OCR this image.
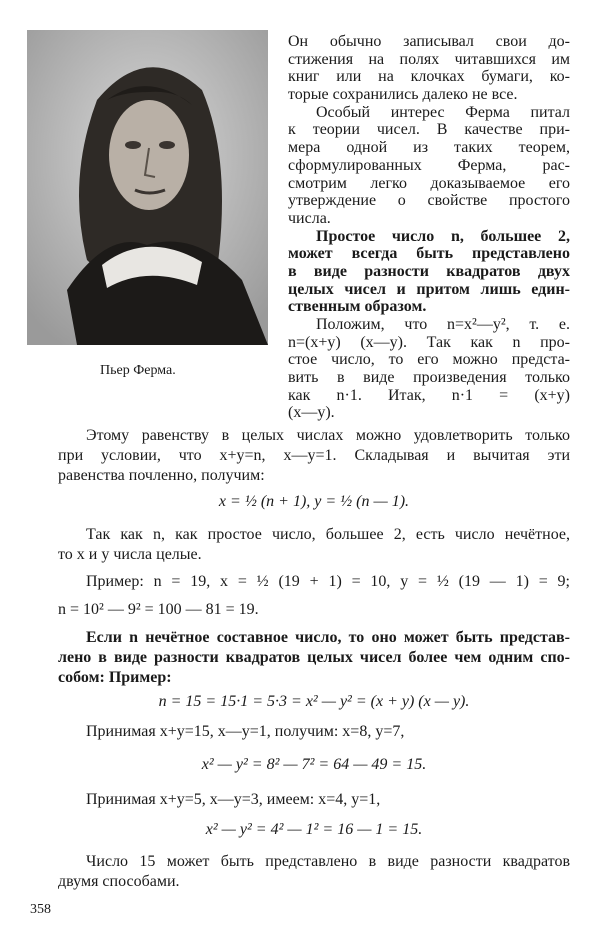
Пьер Ферма.
Он обычно записывал свои до-
стижения на полях читавшихся им
книг или на клочках бумаги, ко-
торые сохранились далеко не все.
Особый интерес Ферма питал
к теории чисел. В качестве при-
мера одной из таких теорем,
сформулированных Ферма, рас-
смотрим легко доказываемое его
утверждение о свойстве простого
числа.
Простое число n, большее 2,
может всегда быть представлено
в виде разности квадратов двух
целых чисел и притом лишь един-
ственным образом.
Положим, что n=x²—y², т. е.
n=(x+y) (x—y). Так как n про-
стое число, то его можно предста-
вить в виде произведения только
как n·1. Итак, n·1 = (x+y)
(x—y).
Этому равенству в целых числах можно удовлетворить только
при условии, что x+y=n, x—y=1. Складывая и вычитая эти
равенства почленно, получим:
x = ½ (n + 1), y = ½ (n — 1).
Так как n, как простое число, большее 2, есть число нечётное,
то x и y числа целые.
Пример: n = 19, x = ½ (19 + 1) = 10, y = ½ (19 — 1) = 9;
n = 10² — 9² = 100 — 81 = 19.
Если n нечётное составное число, то оно может быть представ-
лено в виде разности квадратов целых чисел более чем одним спо-
собом: Пример:
n = 15 = 15·1 = 5·3 = x² — y² = (x + y) (x — y).
Принимая x+y=15, x—y=1, получим: x=8, y=7,
x² — y² = 8² — 7² = 64 — 49 = 15.
Принимая x+y=5, x—y=3, имеем: x=4, y=1,
x² — y² = 4² — 1² = 16 — 1 = 15.
Число 15 может быть представлено в виде разности квадратов
двумя способами.
358
